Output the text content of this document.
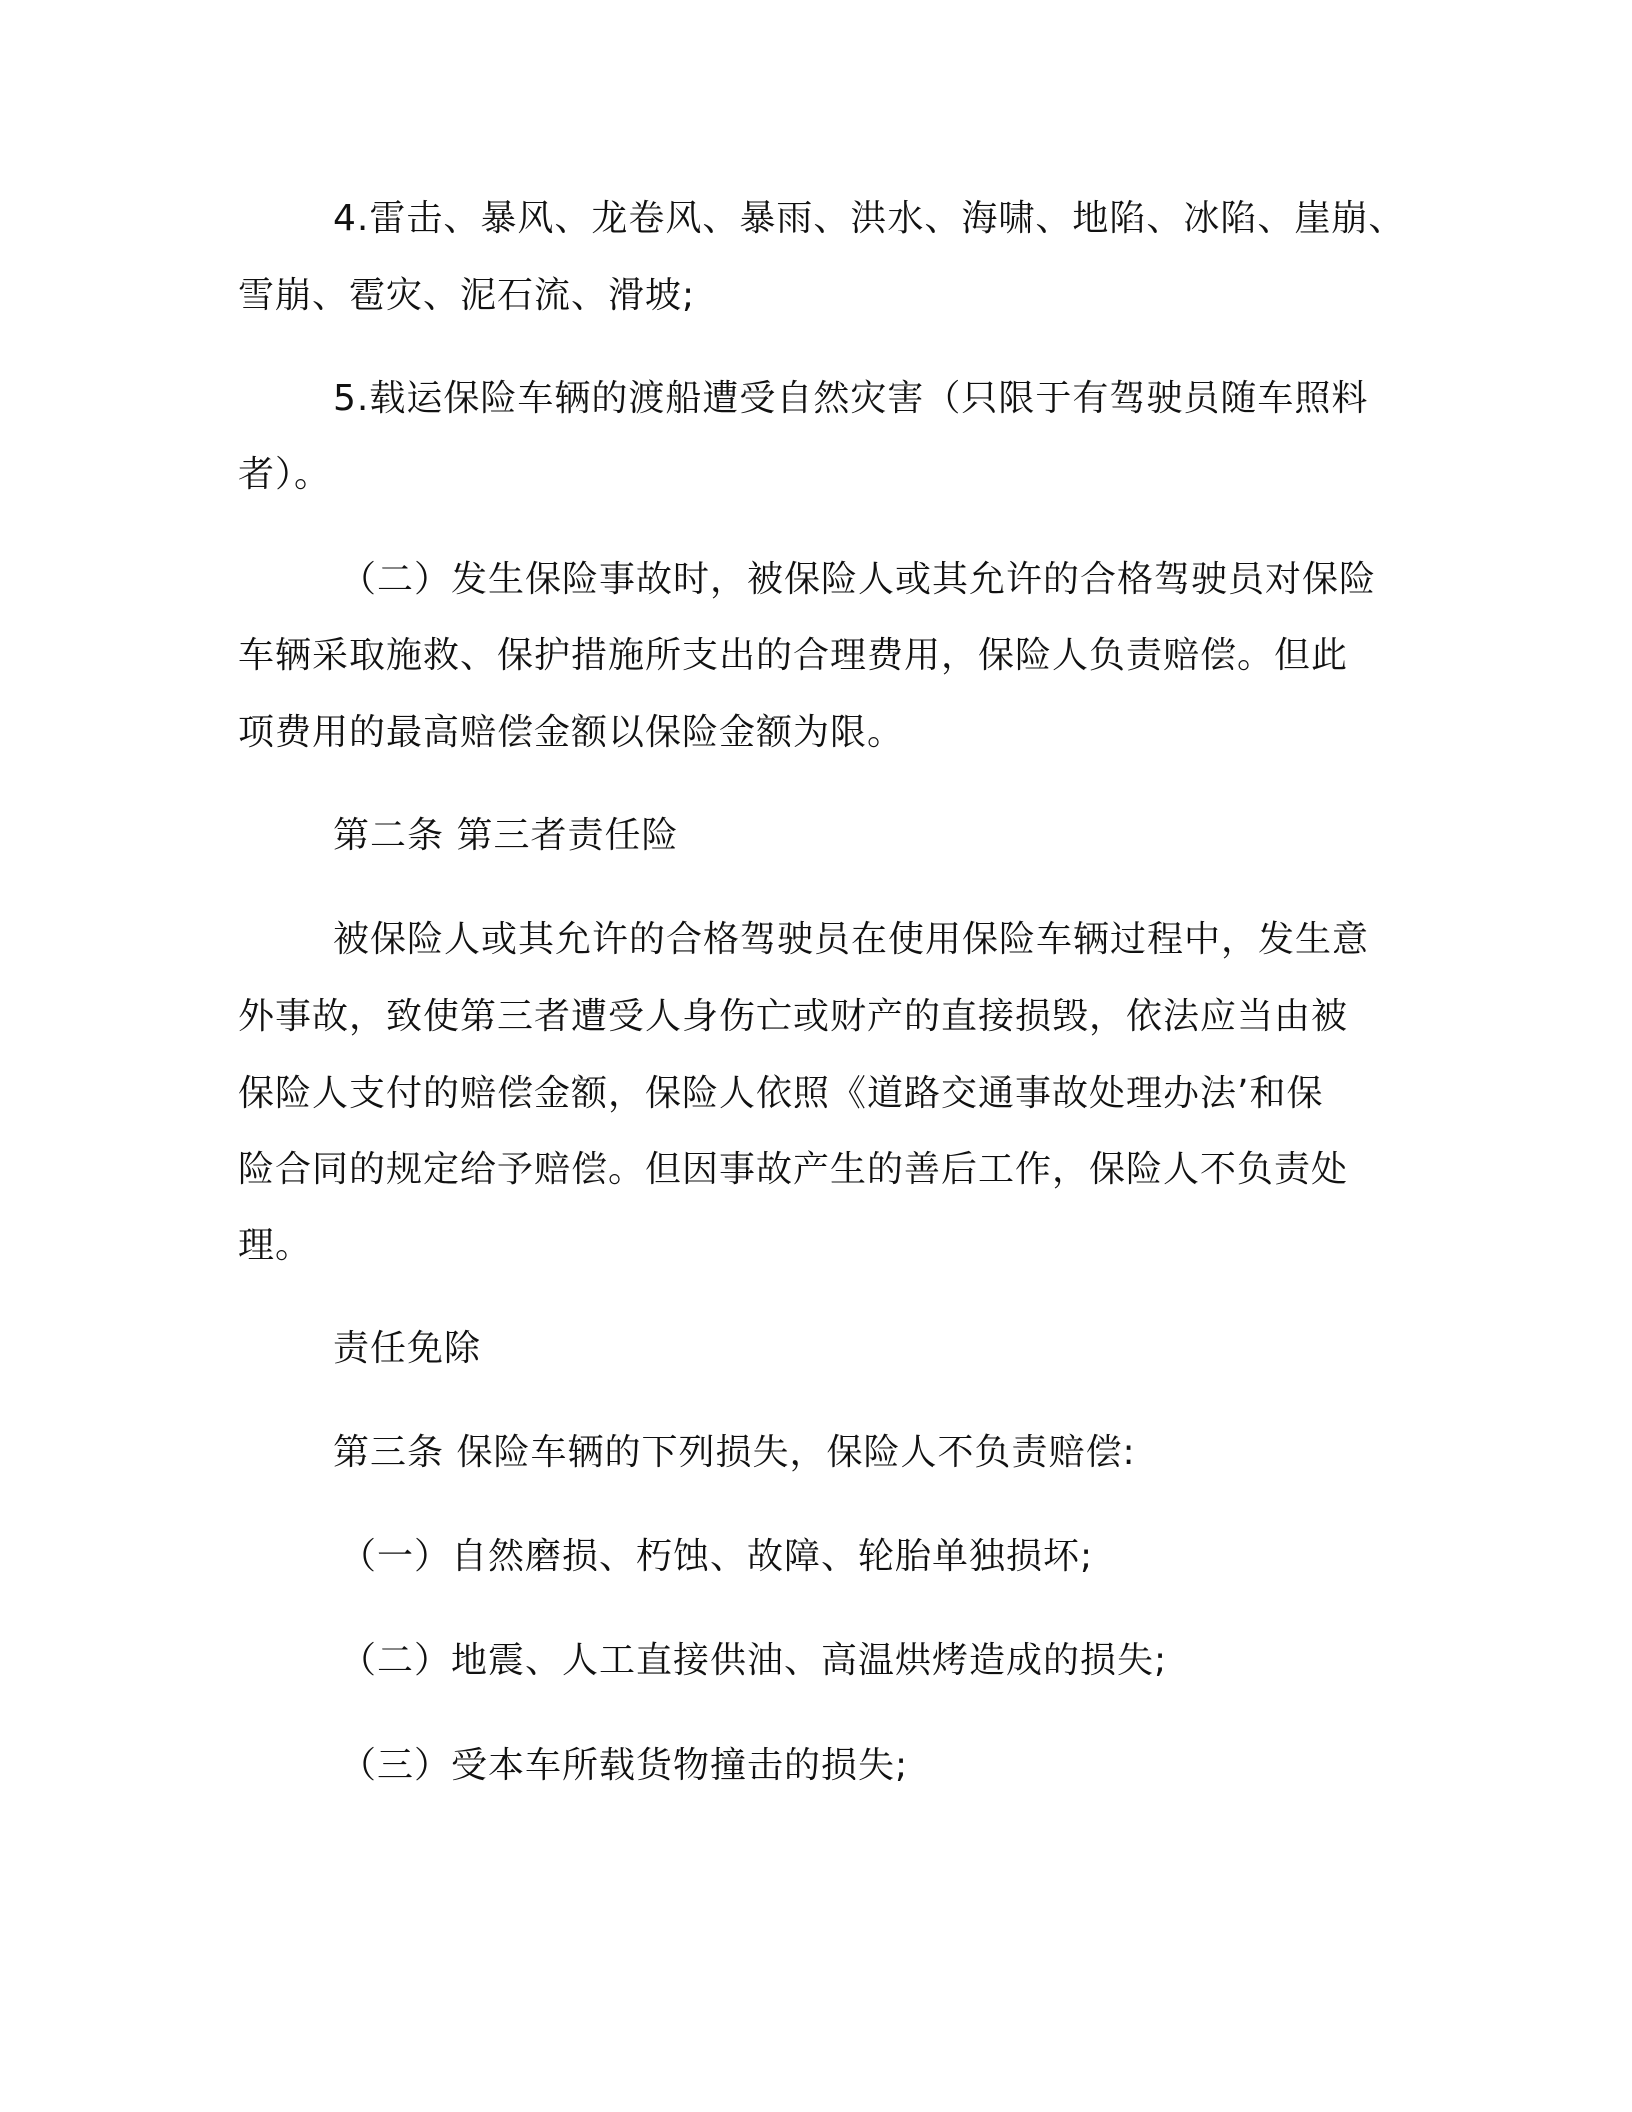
4.雷击、暴风、龙卷风、暴雨、洪水、海啸、地陷、冰陷、崖崩、
雪崩、雹灾、泥石流、滑坡;
5.载运保险车辆的渡船遭受自然灾害（只限于有驾驶员随车照料
者）。
（二）发生保险事故时，被保险人或其允许的合格驾驶员对保险
车辆采取施救、保护措施所支出的合理费用，保险人负责赔偿。但此
项费用的最高赔偿金额以保险金额为限。
第二条 第三者责任险
被保险人或其允许的合格驾驶员在使用保险车辆过程中，发生意
外事故，致使第三者遭受人身伤亡或财产的直接损毁，依法应当由被
保险人支付的赔偿金额，保险人依照《道路交通事故处理办法’和保
险合同的规定给予赔偿。但因事故产生的善后工作，保险人不负责处
理。
责任免除
第三条 保险车辆的下列损失，保险人不负责赔偿:
（一）自然磨损、朽蚀、故障、轮胎单独损坏;
（二）地震、人工直接供油、高温烘烤造成的损失;
（三）受本车所载货物撞击的损失;
